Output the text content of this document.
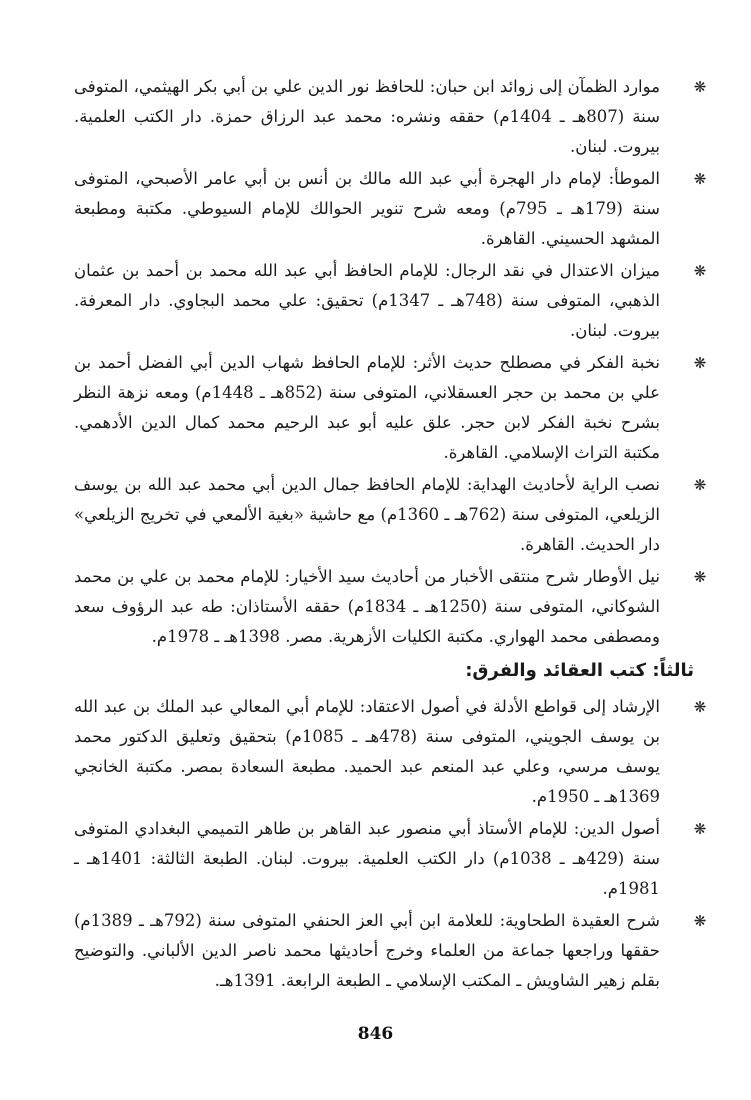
❋
موارد الظمآن إلى زوائد ابن حبان: للحافظ نور الدين علي بن أبي بكر الهيثمي، المتوفى سنة (807هـ ـ 1404م) حققه ونشره: محمد عبد الرزاق حمزة. دار الكتب العلمية. بيروت. لبنان.

❋
الموطأ: لإمام دار الهجرة أبي عبد الله مالك بن أنس بن أبي عامر الأصبحي، المتوفى سنة (179هـ ـ 795م) ومعه شرح تنوير الحوالك للإمام السيوطي. مكتبة ومطبعة المشهد الحسيني. القاهرة.

❋
ميزان الاعتدال في نقد الرجال: للإمام الحافظ أبي عبد الله محمد بن أحمد بن عثمان الذهبي، المتوفى سنة (748هـ ـ 1347م) تحقيق: علي محمد البجاوي. دار المعرفة. بيروت. لبنان.

❋
نخبة الفكر في مصطلح حديث الأثر: للإمام الحافظ شهاب الدين أبي الفضل أحمد بن علي بن محمد بن حجر العسقلاني، المتوفى سنة (852هـ ـ 1448م) ومعه نزهة النظر بشرح نخبة الفكر لابن حجر. علق عليه أبو عبد الرحيم محمد كمال الدين الأدهمي. مكتبة التراث الإسلامي. القاهرة.

❋
نصب الراية لأحاديث الهداية: للإمام الحافظ جمال الدين أبي محمد عبد الله بن يوسف الزيلعي، المتوفى سنة (762هـ ـ 1360م) مع حاشية «بغية الألمعي في تخريج الزيلعي» دار الحديث. القاهرة.

❋
نيل الأوطار شرح منتقى الأخبار من أحاديث سيد الأخيار: للإمام محمد بن علي بن محمد الشوكاني، المتوفى سنة (1250هـ ـ 1834م) حققه الأستاذان: طه عبد الرؤوف سعد ومصطفى محمد الهواري. مكتبة الكليات الأزهرية. مصر. 1398هـ ـ 1978م.

ثالثاً: كتب العقائد والفرق:

❋
الإرشاد إلى قواطع الأدلة في أصول الاعتقاد: للإمام أبي المعالي عبد الملك بن عبد الله بن يوسف الجويني، المتوفى سنة (478هـ ـ 1085م) بتحقيق وتعليق الدكتور محمد يوسف مرسي، وعلي عبد المنعم عبد الحميد. مطبعة السعادة بمصر. مكتبة الخانجي 1369هـ ـ 1950م.

❋
أصول الدين: للإمام الأستاذ أبي منصور عبد القاهر بن طاهر التميمي البغدادي المتوفى سنة (429هـ ـ 1038م) دار الكتب العلمية. بيروت. لبنان. الطبعة الثالثة: 1401هـ ـ 1981م.

❋
شرح العقيدة الطحاوية: للعلامة ابن أبي العز الحنفي المتوفى سنة (792هـ ـ 1389م) حققها وراجعها جماعة من العلماء وخرج أحاديثها محمد ناصر الدين الألباني. والتوضيح بقلم زهير الشاويش ـ المكتب الإسلامي ـ الطبعة الرابعة. 1391هـ.

846
